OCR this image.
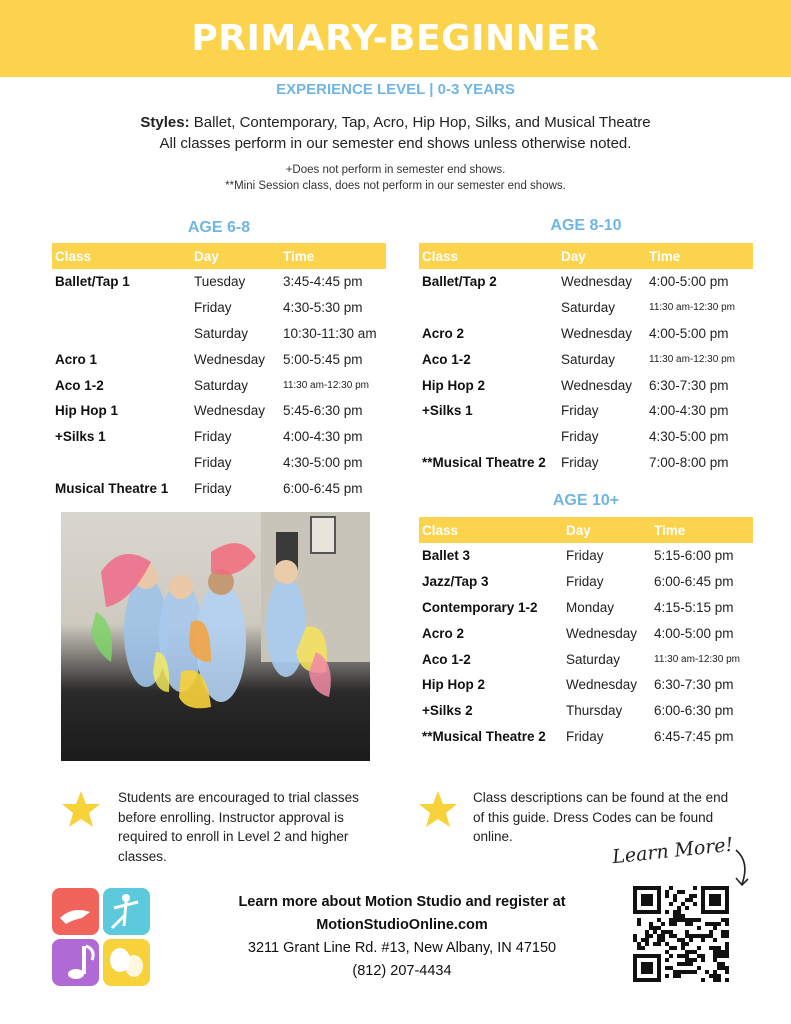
PRIMARY-BEGINNER
EXPERIENCE LEVEL | 0-3 YEARS
Styles: Ballet, Contemporary, Tap, Acro, Hip Hop, Silks, and Musical Theatre
All classes perform in our semester end shows unless otherwise noted.
+Does not perform in semester end shows.
**Mini Session class, does not perform in our semester end shows.
AGE 6-8
Class	Day	Time
Ballet/Tap 1	Tuesday	3:45-4:45 pm
	Friday	4:30-5:30 pm
	Saturday	10:30-11:30 am
Acro 1	Wednesday	5:00-5:45 pm
Aco 1-2	Saturday	11:30 am-12:30 pm
Hip Hop 1	Wednesday	5:45-6:30 pm
+Silks 1	Friday	4:00-4:30 pm
	Friday	4:30-5:00 pm
Musical Theatre 1	Friday	6:00-6:45 pm
AGE 8-10
Class	Day	Time
Ballet/Tap 2	Wednesday	4:00-5:00 pm
	Saturday	11:30 am-12:30 pm
Acro 2	Wednesday	4:00-5:00 pm
Aco 1-2	Saturday	11:30 am-12:30 pm
Hip Hop 2	Wednesday	6:30-7:30 pm
+Silks 1	Friday	4:00-4:30 pm
	Friday	4:30-5:00 pm
**Musical Theatre 2	Friday	7:00-8:00 pm
AGE 10+
Class	Day	Time
Ballet 3	Friday	5:15-6:00 pm
Jazz/Tap 3	Friday	6:00-6:45 pm
Contemporary 1-2	Monday	4:15-5:15 pm
Acro 2	Wednesday	4:00-5:00 pm
Aco 1-2	Saturday	11:30 am-12:30 pm
Hip Hop 2	Wednesday	6:30-7:30 pm
+Silks 2	Thursday	6:00-6:30 pm
**Musical Theatre 2	Friday	6:45-7:45 pm
Students are encouraged to trial classes before enrolling. Instructor approval is required to enroll in Level 2 and higher classes.
Class descriptions can be found at the end of this guide. Dress Codes can be found online.	Learn More!
Learn more about Motion Studio and register at
MotionStudioOnline.com
3211 Grant Line Rd. #13, New Albany, IN 47150
(812) 207-4434
